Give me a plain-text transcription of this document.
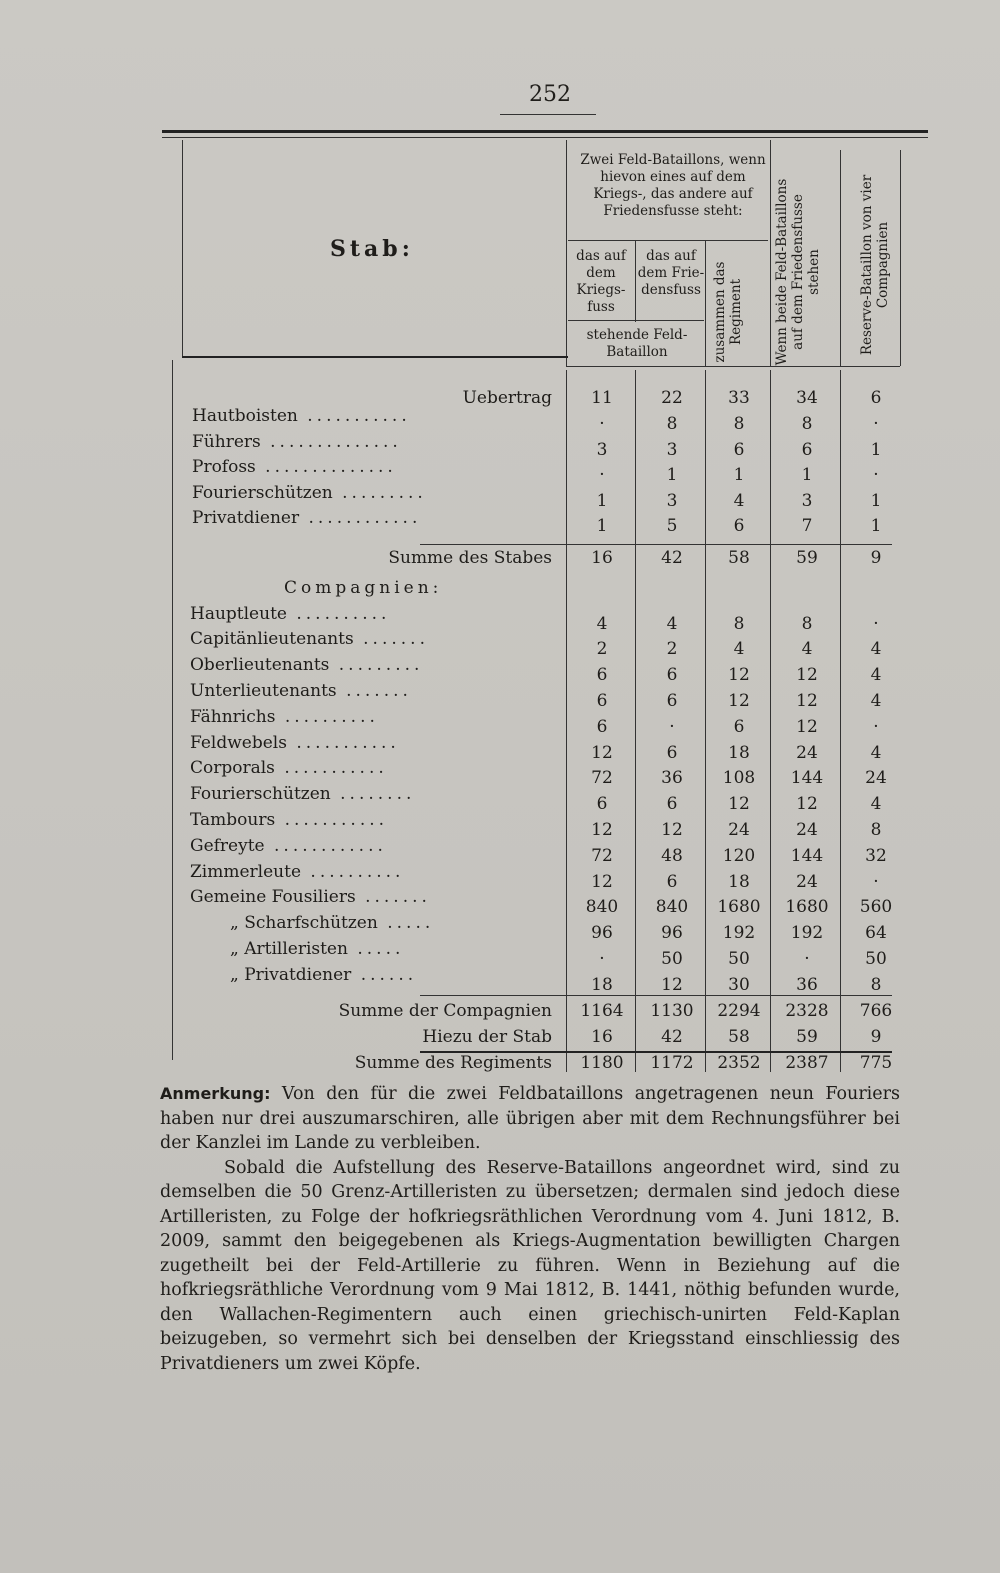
252
Stab:
Zwei Feld-Bataillons, wenn hievon eines auf dem Kriegs-, das andere auf Friedensfusse steht:
das auf dem Kriegs-fuss
das auf dem Frie-densfuss
stehende Feld-Bataillon	zusammen das Regiment	Wenn beide Feld-Bataillons auf dem Friedensfusse stehen	Reserve-Bataillon von vier Compagnien
Uebertrag	11	22	33	34	6
Hautboisten ...........	·	8	8	8	·
Führers ..............	3	3	6	6	1
Profoss ..............	·	1	1	1	·
Fourierschützen .........	1	3	4	3	1
Privatdiener ............	1	5	6	7	1
Summe des Stabes	16	42	58	59	9
Compagnien:
Hauptleute ..........	4	4	8	8	·
Capitänlieutenants .......	2	2	4	4	4
Oberlieutenants .........	6	6	12	12	4
Unterlieutenants .......	6	6	12	12	4
Fähnrichs ..........	6	·	6	12	·
Feldwebels ...........	12	6	18	24	4
Corporals ...........	72	36	108	144	24
Fourierschützen ........	6	6	12	12	4
Tambours ...........	12	12	24	24	8
Gefreyte ............	72	48	120	144	32
Zimmerleute ..........	12	6	18	24	·
Gemeine Fousiliers .......	840	840	1680	1680	560
„ Scharfschützen .....	96	96	192	192	64
„ Artilleristen .....	·	50	50	·	50
„ Privatdiener ......	18	12	30	36	8
Summe der Compagnien	1164	1130	2294	2328	766
Hiezu der Stab	16	42	58	59	9
Summe des Regiments	1180	1172	2352	2387	775

Anmerkung: Von den für die zwei Feldbataillons angetragenen neun Fouriers haben nur drei auszumarschiren, alle übrigen aber mit dem Rechnungsführer bei der Kanzlei im Lande zu verbleiben.

Sobald die Aufstellung des Reserve-Bataillons angeordnet wird, sind zu demselben die 50 Grenz-Artilleristen zu übersetzen; dermalen sind jedoch diese Artilleristen, zu Folge der hofkriegsräthlichen Verordnung vom 4. Juni 1812, B. 2009, sammt den beigegebenen als Kriegs-Augmentation bewilligten Chargen zugetheilt bei der Feld-Artillerie zu führen. Wenn in Beziehung auf die hofkriegsräthliche Verordnung vom 9 Mai 1812, B. 1441, nöthig befunden wurde, den Wallachen-Regimentern auch einen griechisch-unirten Feld-Kaplan beizugeben, so vermehrt sich bei denselben der Kriegsstand einschliessig des Privatdieners um zwei Köpfe.
